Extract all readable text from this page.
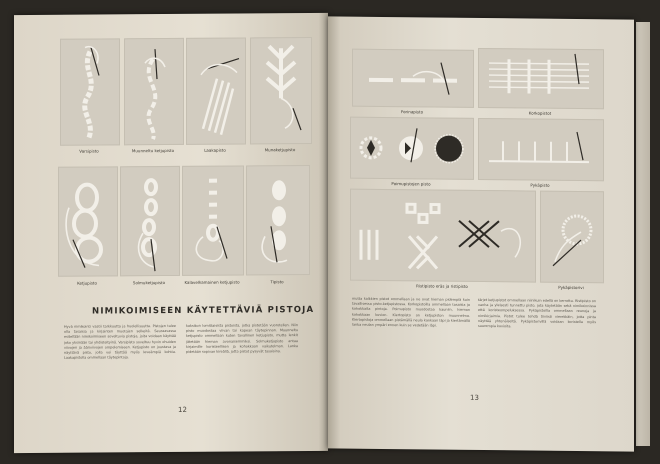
Varsipisto	Muunneltu ketjupisto	Laakapisto	Munaketjupisto
Ketjupisto	Solmuketjupisto	Kalavelkamainen ketjupisto	Tipisto
NIMIKOIMISEEN KÄYTETTÄVIÄ PISTOJA
Hyvä nimikointi vaatii tarkkuutta ja huolellisuutta. Pistojen tulee olla tasaisia ja kirjainten muotojen selkeitä. Seuraavassa esitellään nimikoimiseen soveltuvia pistoja, joita voidaan käyttää joko yksinään tai yhdisteltyinä. Varsipisto soveltuu hyvin ohuiden viivojen ja ääriviivojen ompelemiseen. Ketjupisto on joustava ja näyttävä pisto, jolla voi täyttää myös leveämpiä kohtia. Laakapistolla ommellaan täytepintoja.
kaksikon lomittaisista pistoista, jotka pistetään vuorotellen. Niin pisto muodostaa viivan tai kapean täytepinnan. Muunneltu ketjupisto ommellaan kuten tavallinen ketjupisto, mutta lenkit jätetään hieman avonaisemmiksi. Solmuketjupisto antaa kirjaimille koristeellisen ja kohokkaan vaikutelman. Lanka pidetään sopivan kireällä, jotta pistot pysyvät tasaisina.
12
Forinapisto	Korkopistot
Poimupistojen pisto	Pykäpisto
Ristipisto eräs ja ristipisto	Pykäpistorivi
mutta kalkkien pistot ommellaan ja ne ovat hieman pidempiä kuin tavallisessa pisto-ketjupistossa. Korkopistoilla ommellaan tasaisia ja kohokkaita pintoja. Poimupisto muodostaa kauniin, hieman kohokkaan kuvion. Kiertopisto on ketjupiston muunnelma. Kiertopistoja ommellaan pistämällä neula kankaan läpi ja kiertämällä lanka neulan ympäri ennen kuin se vedetään läpi.
tärjet ketjupistot ommellaan niinikuin edellä on kerrottu. Ristipisto on vanha ja yleisesti tunnettu pisto, jota käytetään sekä nimikoinnissa että koristeompeluksessa. Pykäpistoilla ommellaan reunoja ja nimikirjaimia. Pistot tulee tehdä tiiviisti vierekkäin, jotta pinta näyttää yhtenäiseltä. Pykäpistorivillä voidaan koristella myös suurempia kuvioita.
13
